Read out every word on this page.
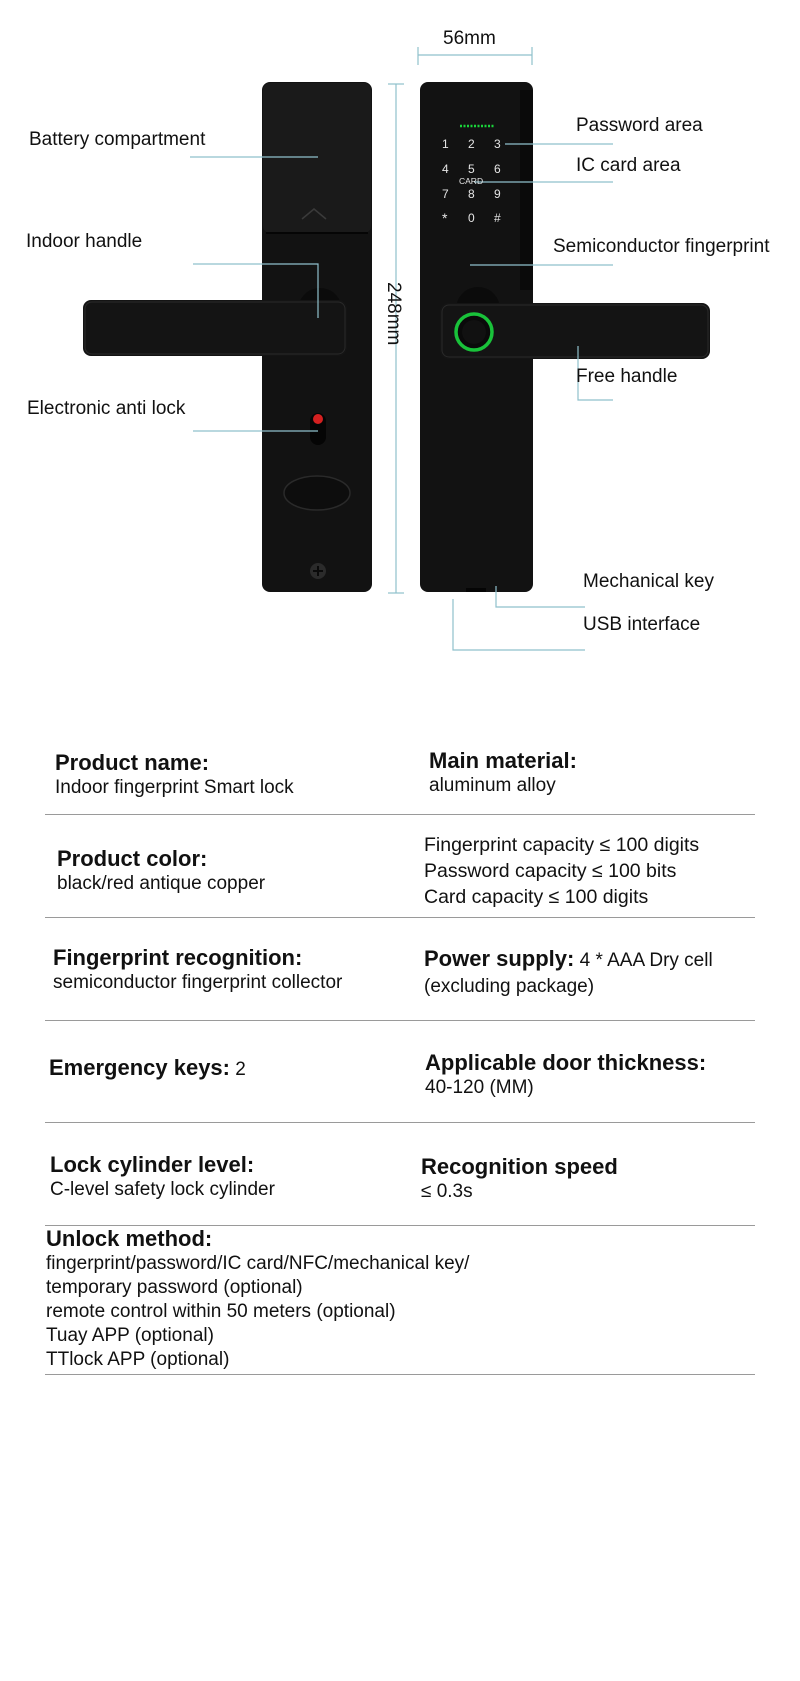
1 2 3
4 5 6
CARD
7 8 9
* 0 #
56mm
248mm
Battery compartment
Indoor handle
Electronic anti lock
Password area
IC card area
Semiconductor fingerprint
Free handle
Mechanical key
USB interface
Product name:
Indoor fingerprint Smart lock
Main material:
aluminum alloy
Product color:
black/red antique copper
Fingerprint capacity ≤ 100 digits
Password capacity ≤ 100 bits
Card capacity ≤ 100 digits
Fingerprint recognition:
semiconductor fingerprint collector
Power supply: 4 * AAA Dry cell
(excluding package)
Emergency keys: 2	Applicable door thickness:
40-120 (MM)
Lock cylinder level:
C-level safety lock cylinder
Recognition speed
≤ 0.3s
Unlock method:
fingerprint/password/IC card/NFC/mechanical key/
temporary password (optional)
remote control within 50 meters (optional)
Tuay APP (optional)
TTlock APP (optional)
